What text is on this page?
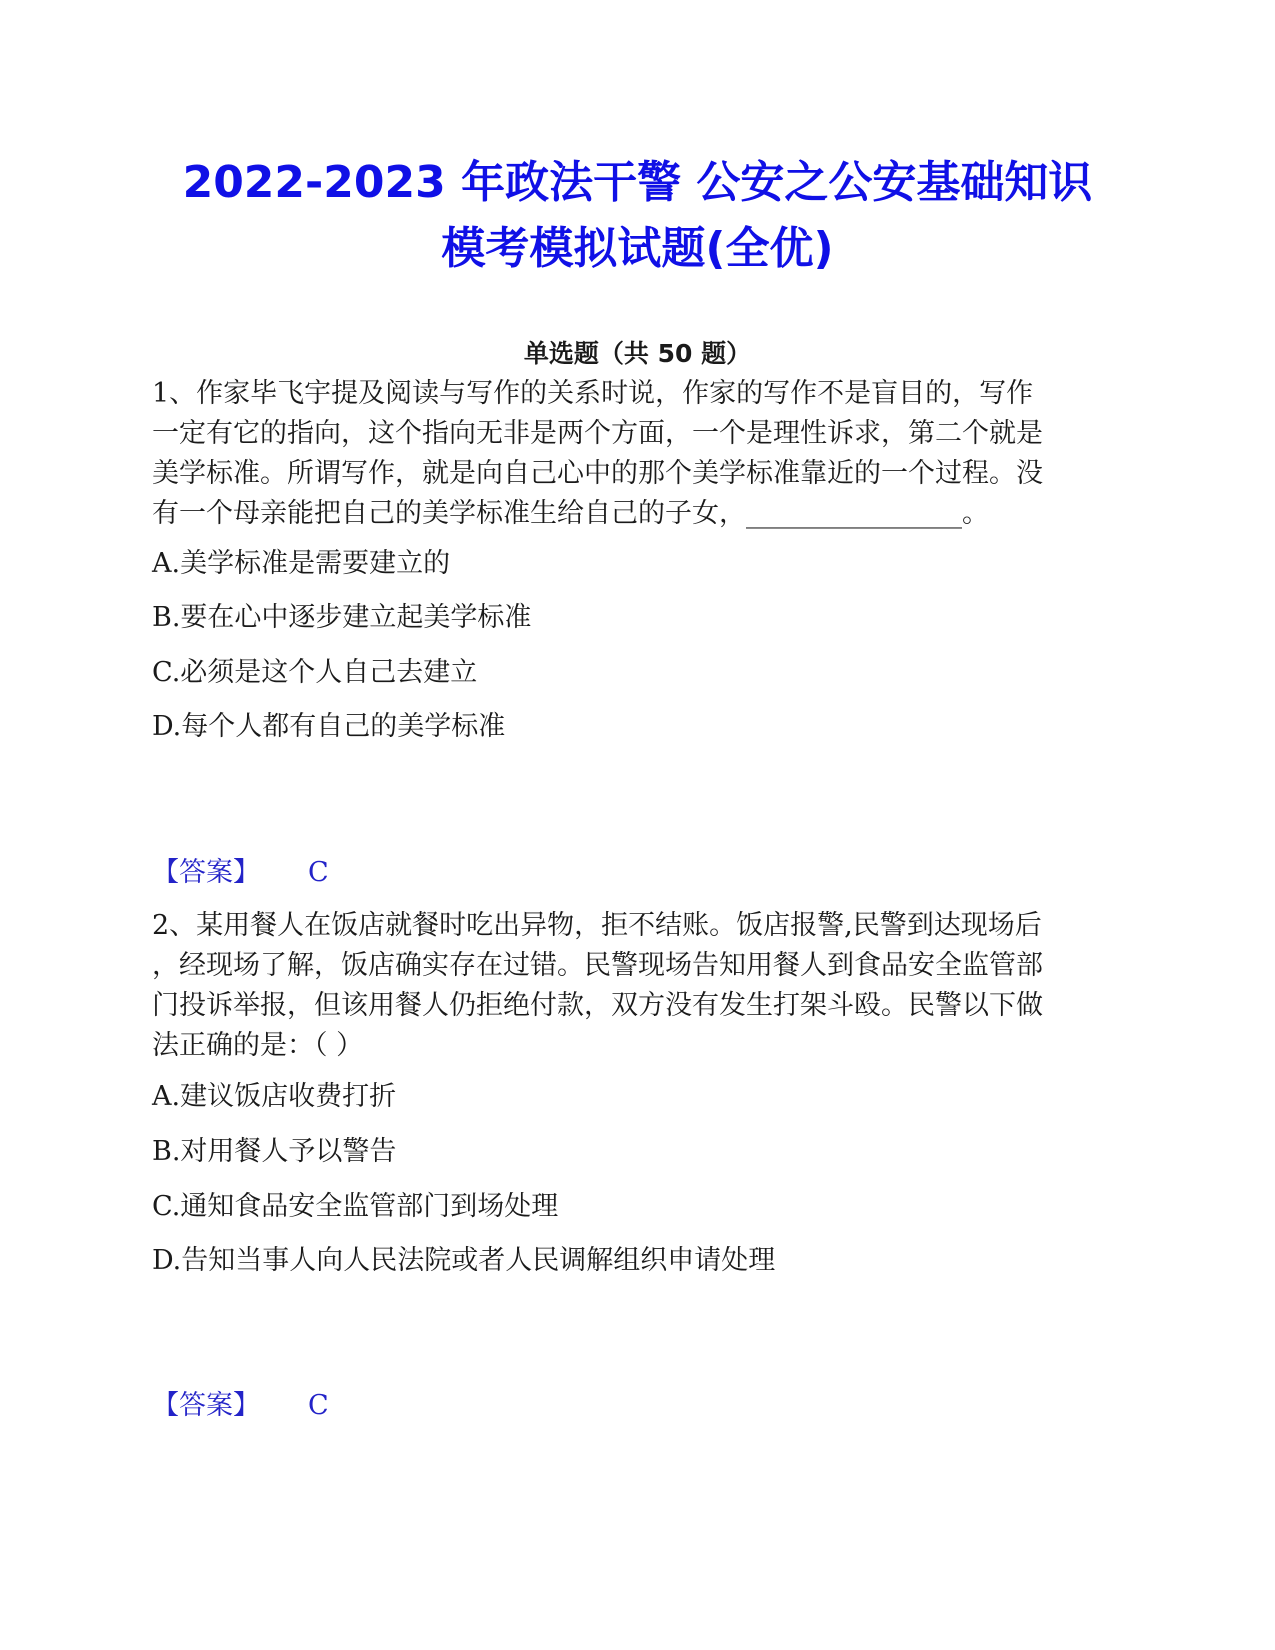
2022-2023 年政法干警 公安之公安基础知识
模考模拟试题(全优)
单选题（共 50 题）
1、作家毕飞宇提及阅读与写作的关系时说，作家的写作不是盲目的，写作
一定有它的指向，这个指向无非是两个方面，一个是理性诉求，第二个就是
美学标准。所谓写作，就是向自己心中的那个美学标准靠近的一个过程。没
有一个母亲能把自己的美学标准生给自己的子女，________________。
A.美学标准是需要建立的
B.要在心中逐步建立起美学标准
C.必须是这个人自己去建立
D.每个人都有自己的美学标准
【答案】 C
2、某用餐人在饭店就餐时吃出异物，拒不结账。饭店报警,民警到达现场后
，经现场了解，饭店确实存在过错。民警现场告知用餐人到食品安全监管部
门投诉举报，但该用餐人仍拒绝付款，双方没有发生打架斗殴。民警以下做
法正确的是：（ ）
A.建议饭店收费打折
B.对用餐人予以警告
C.通知食品安全监管部门到场处理
D.告知当事人向人民法院或者人民调解组织申请处理
【答案】 C
